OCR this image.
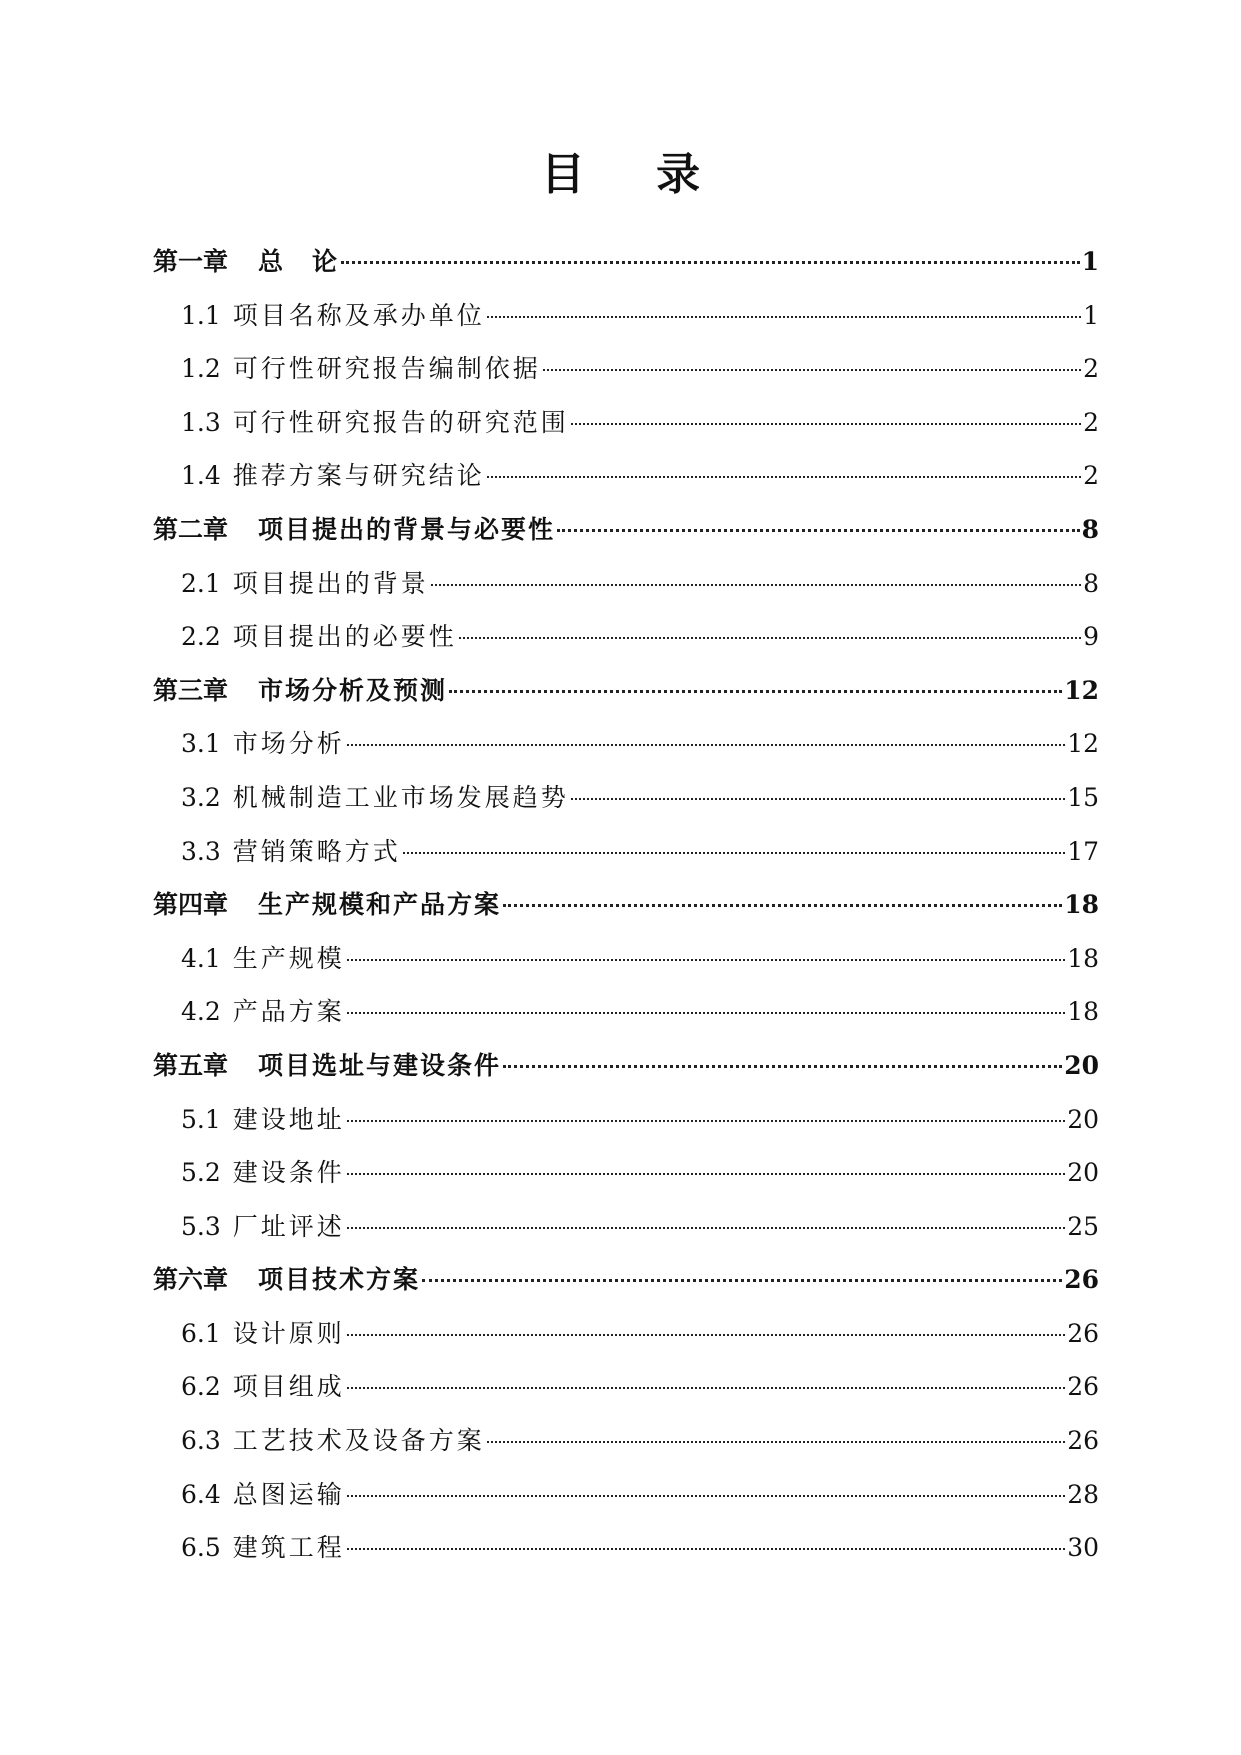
目 录
第一章 总　论	1
1.1 项目名称及承办单位	1
1.2 可行性研究报告编制依据	2
1.3 可行性研究报告的研究范围	2
1.4 推荐方案与研究结论	2
第二章 项目提出的背景与必要性	8
2.1 项目提出的背景	8
2.2 项目提出的必要性	9
第三章 市场分析及预测	12
3.1 市场分析	12
3.2 机械制造工业市场发展趋势	15
3.3 营销策略方式	17
第四章 生产规模和产品方案	18
4.1 生产规模	18
4.2 产品方案	18
第五章 项目选址与建设条件	20
5.1 建设地址	20
5.2 建设条件	20
5.3 厂址评述	25
第六章 项目技术方案	26
6.1 设计原则	26
6.2 项目组成	26
6.3 工艺技术及设备方案	26
6.4 总图运输	28
6.5 建筑工程	30
